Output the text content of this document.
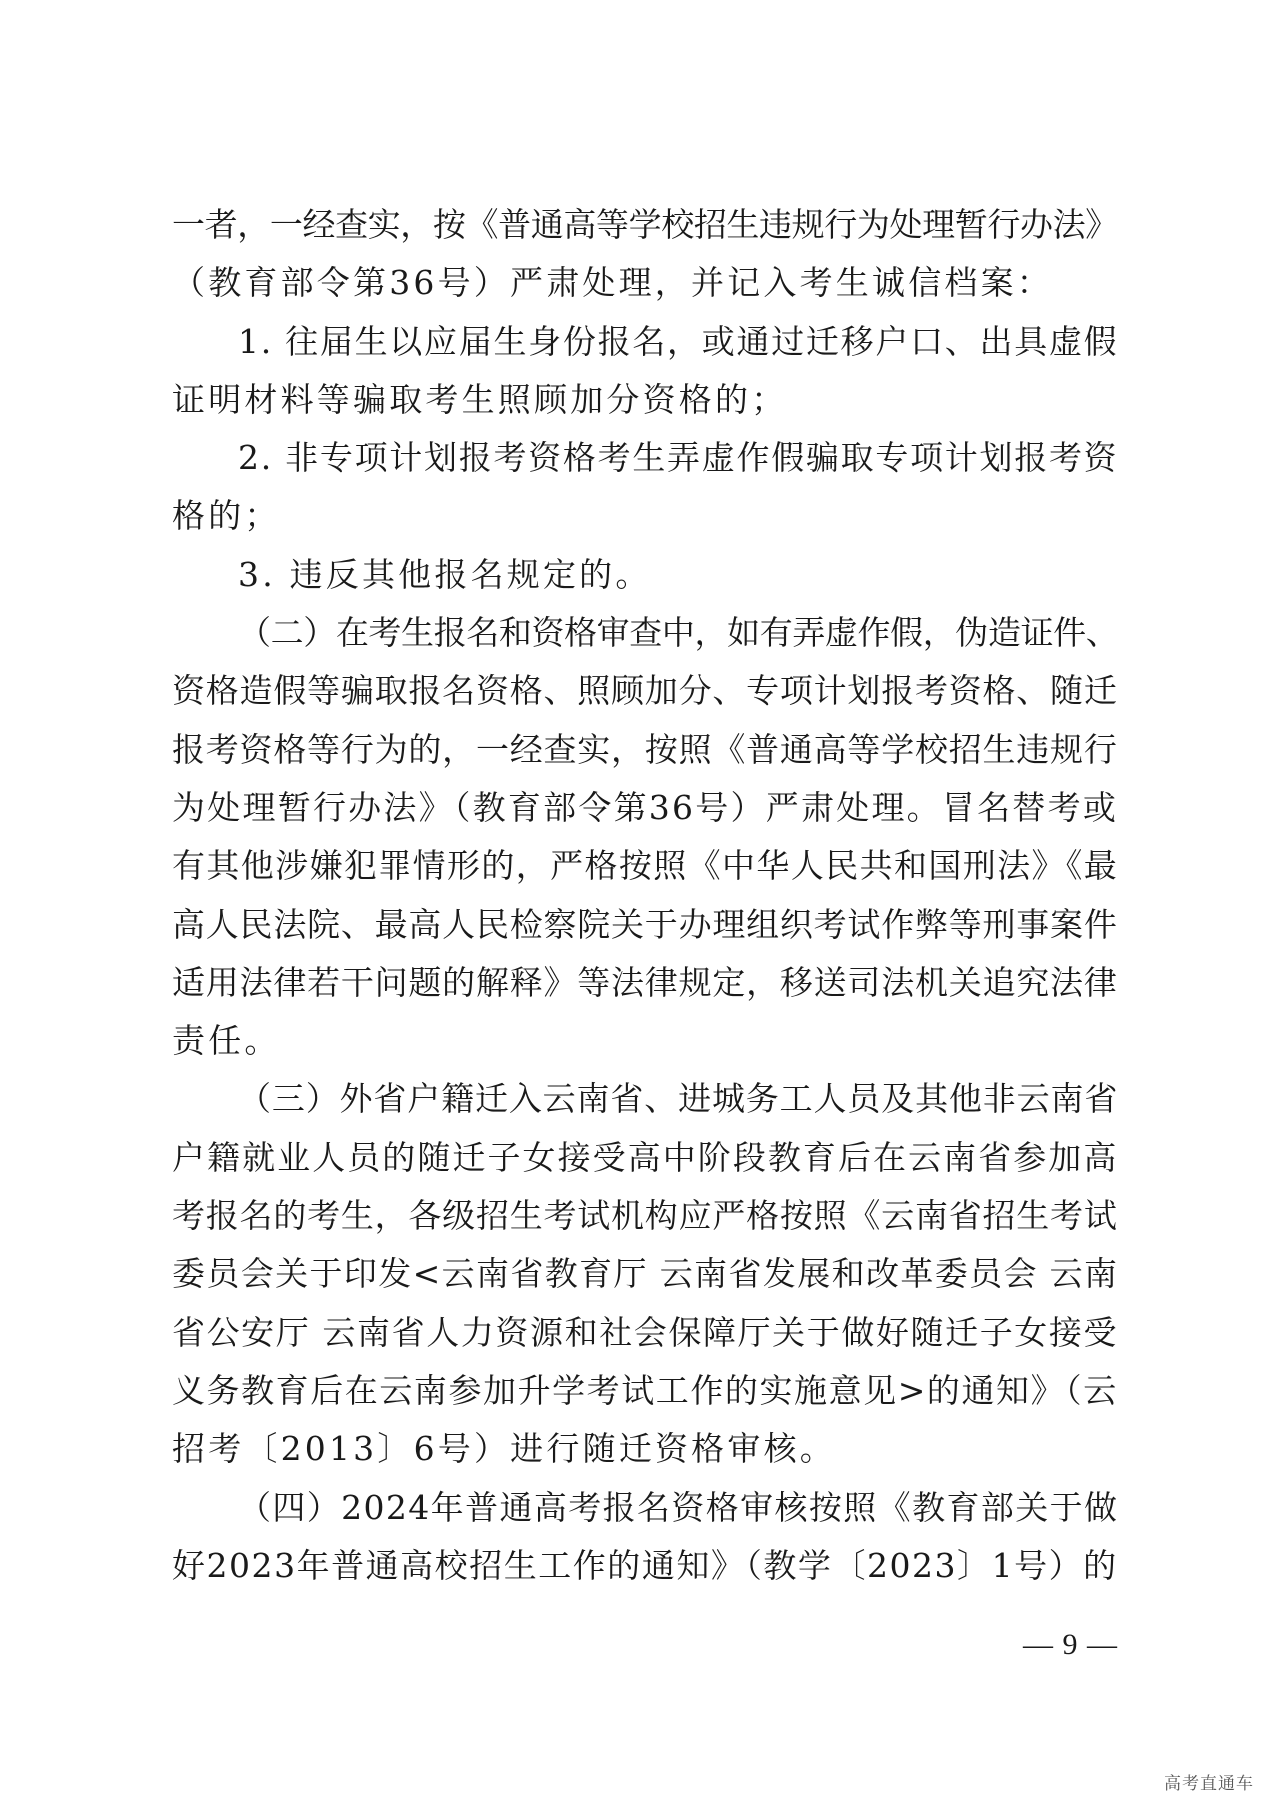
一者，一经查实，按《普通高等学校招生违规行为处理暂行办法》
（教育部令第36号）严肃处理，并记入考生诚信档案：
1. 往届生以应届生身份报名，或通过迁移户口、出具虚假
证明材料等骗取考生照顾加分资格的；
2. 非专项计划报考资格考生弄虚作假骗取专项计划报考资
格的；
3. 违反其他报名规定的。
（二）在考生报名和资格审查中，如有弄虚作假，伪造证件、
资格造假等骗取报名资格、照顾加分、专项计划报考资格、随迁
报考资格等行为的，一经查实，按照《普通高等学校招生违规行
为处理暂行办法》（教育部令第36号）严肃处理。冒名替考或
有其他涉嫌犯罪情形的，严格按照《中华人民共和国刑法》《最
高人民法院、最高人民检察院关于办理组织考试作弊等刑事案件
适用法律若干问题的解释》等法律规定，移送司法机关追究法律
责任。
（三）外省户籍迁入云南省、进城务工人员及其他非云南省
户籍就业人员的随迁子女接受高中阶段教育后在云南省参加高
考报名的考生，各级招生考试机构应严格按照《云南省招生考试
委员会关于印发<云南省教育厅 云南省发展和改革委员会 云南
省公安厅 云南省人力资源和社会保障厅关于做好随迁子女接受
义务教育后在云南参加升学考试工作的实施意见>的通知》（云
招考〔2013〕6号）进行随迁资格审核。
（四）2024年普通高考报名资格审核按照《教育部关于做
好2023年普通高校招生工作的通知》（教学〔2023〕1号）的
— 9 —
高考直通车
